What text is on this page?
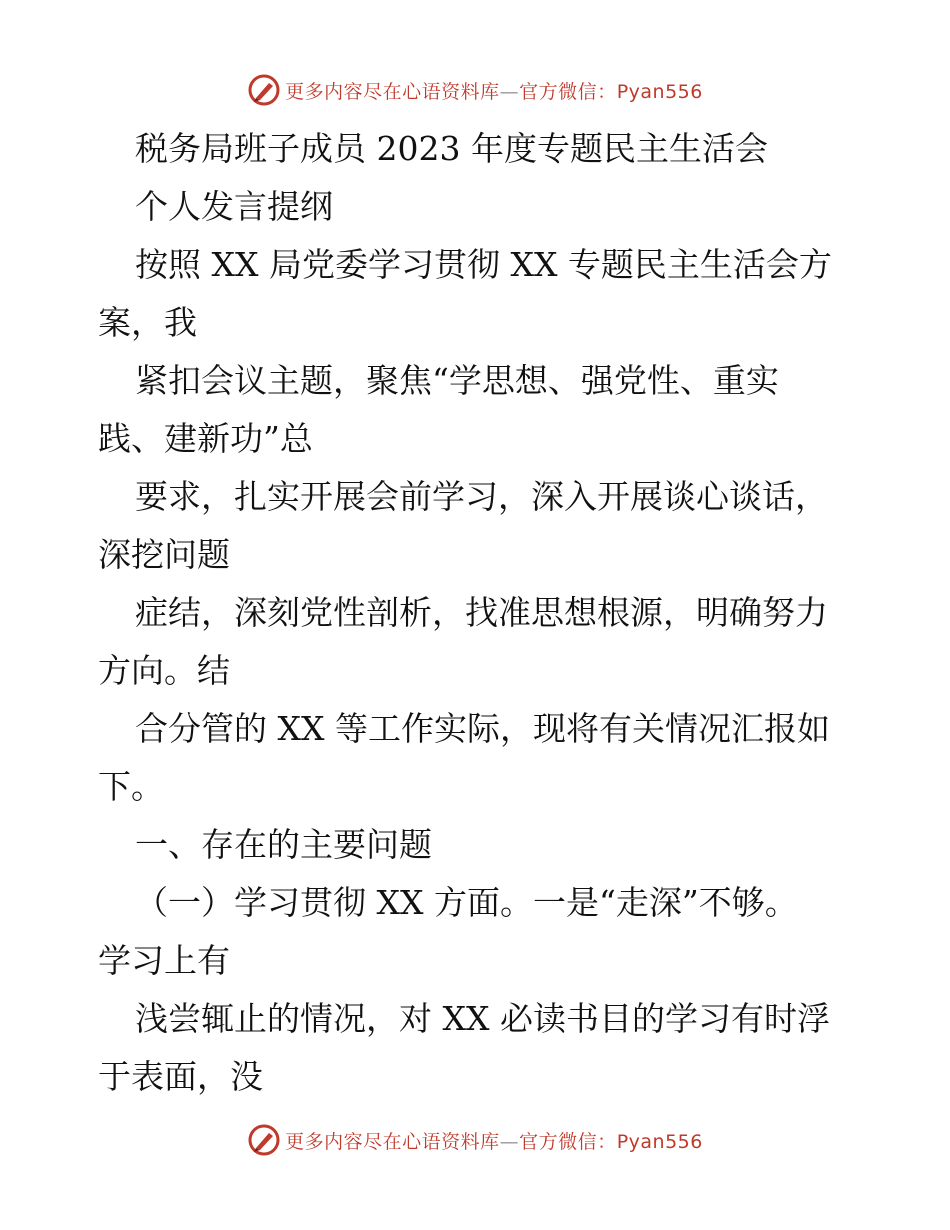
更多内容尽在心语资料库—官方微信：Pyan556
税务局班子成员 2023 年度专题民主生活会
个人发言提纲
按照 XX 局党委学习贯彻 XX 专题民主生活会方
案，我
紧扣会议主题，聚焦“学思想、强党性、重实
践、建新功”总
要求，扎实开展会前学习，深入开展谈心谈话，
深挖问题
症结，深刻党性剖析，找准思想根源，明确努力
方向。结
合分管的 XX 等工作实际，现将有关情况汇报如
下。
一、存在的主要问题
（一）学习贯彻 XX 方面。一是“走深”不够。
学习上有
浅尝辄止的情况，对 XX 必读书目的学习有时浮
于表面，没
更多内容尽在心语资料库—官方微信：Pyan556
